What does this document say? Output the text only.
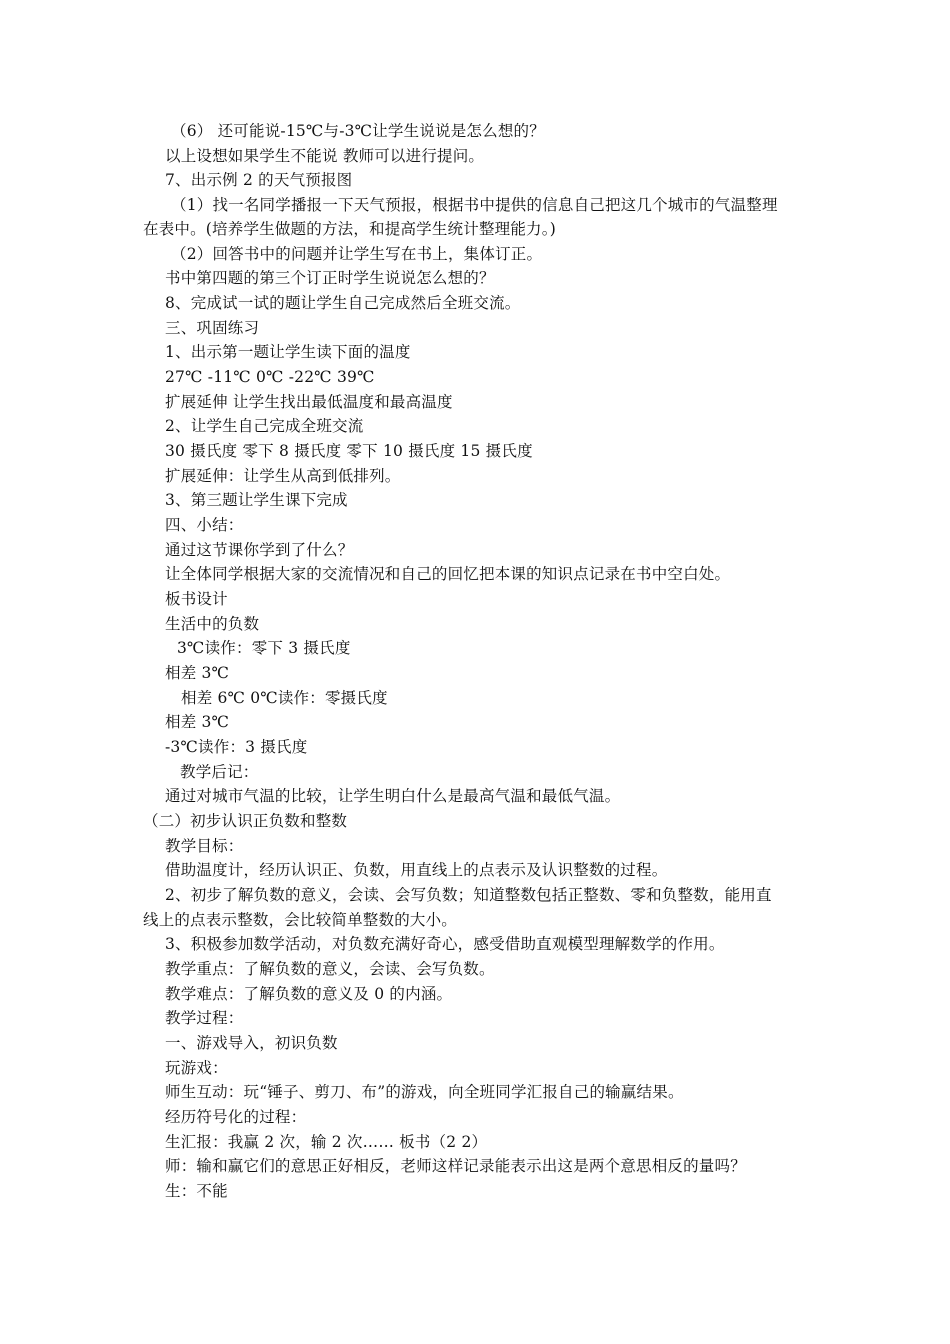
（6） 还可能说-15℃与-3℃让学生说说是怎么想的？
以上设想如果学生不能说 教师可以进行提问。
7、出示例 2 的天气预报图
（1）找一名同学播报一下天气预报，根据书中提供的信息自己把这几个城市的气温整理
在表中。(培养学生做题的方法，和提高学生统计整理能力。)
（2）回答书中的问题并让学生写在书上，集体订正。
书中第四题的第三个订正时学生说说怎么想的？
8、完成试一试的题让学生自己完成然后全班交流。
三、巩固练习
1、出示第一题让学生读下面的温度
27℃ -11℃ 0℃ -22℃ 39℃
扩展延伸 让学生找出最低温度和最高温度
2、让学生自己完成全班交流
30 摄氏度 零下 8 摄氏度 零下 10 摄氏度 15 摄氏度
扩展延伸：让学生从高到低排列。
3、第三题让学生课下完成
四、小结：
通过这节课你学到了什么？
让全体同学根据大家的交流情况和自己的回忆把本课的知识点记录在书中空白处。
板书设计
生活中的负数
3℃读作：零下 3 摄氏度
相差 3℃
相差 6℃ 0℃读作：零摄氏度
相差 3℃
-3℃读作：3 摄氏度
教学后记：
通过对城市气温的比较，让学生明白什么是最高气温和最低气温。
（二）初步认识正负数和整数
教学目标：
借助温度计，经历认识正、负数，用直线上的点表示及认识整数的过程。
2、初步了解负数的意义，会读、会写负数；知道整数包括正整数、零和负整数，能用直
线上的点表示整数，会比较简单整数的大小。
3、积极参加数学活动，对负数充满好奇心，感受借助直观模型理解数学的作用。
教学重点：了解负数的意义，会读、会写负数。
教学难点：了解负数的意义及 0 的内涵。
教学过程：
一、游戏导入，初识负数
玩游戏：
师生互动：玩“锤子、剪刀、布”的游戏，向全班同学汇报自己的输赢结果。
经历符号化的过程：
生汇报：我赢 2 次，输 2 次…… 板书（2 2）
师：输和赢它们的意思正好相反，老师这样记录能表示出这是两个意思相反的量吗？
生：不能
